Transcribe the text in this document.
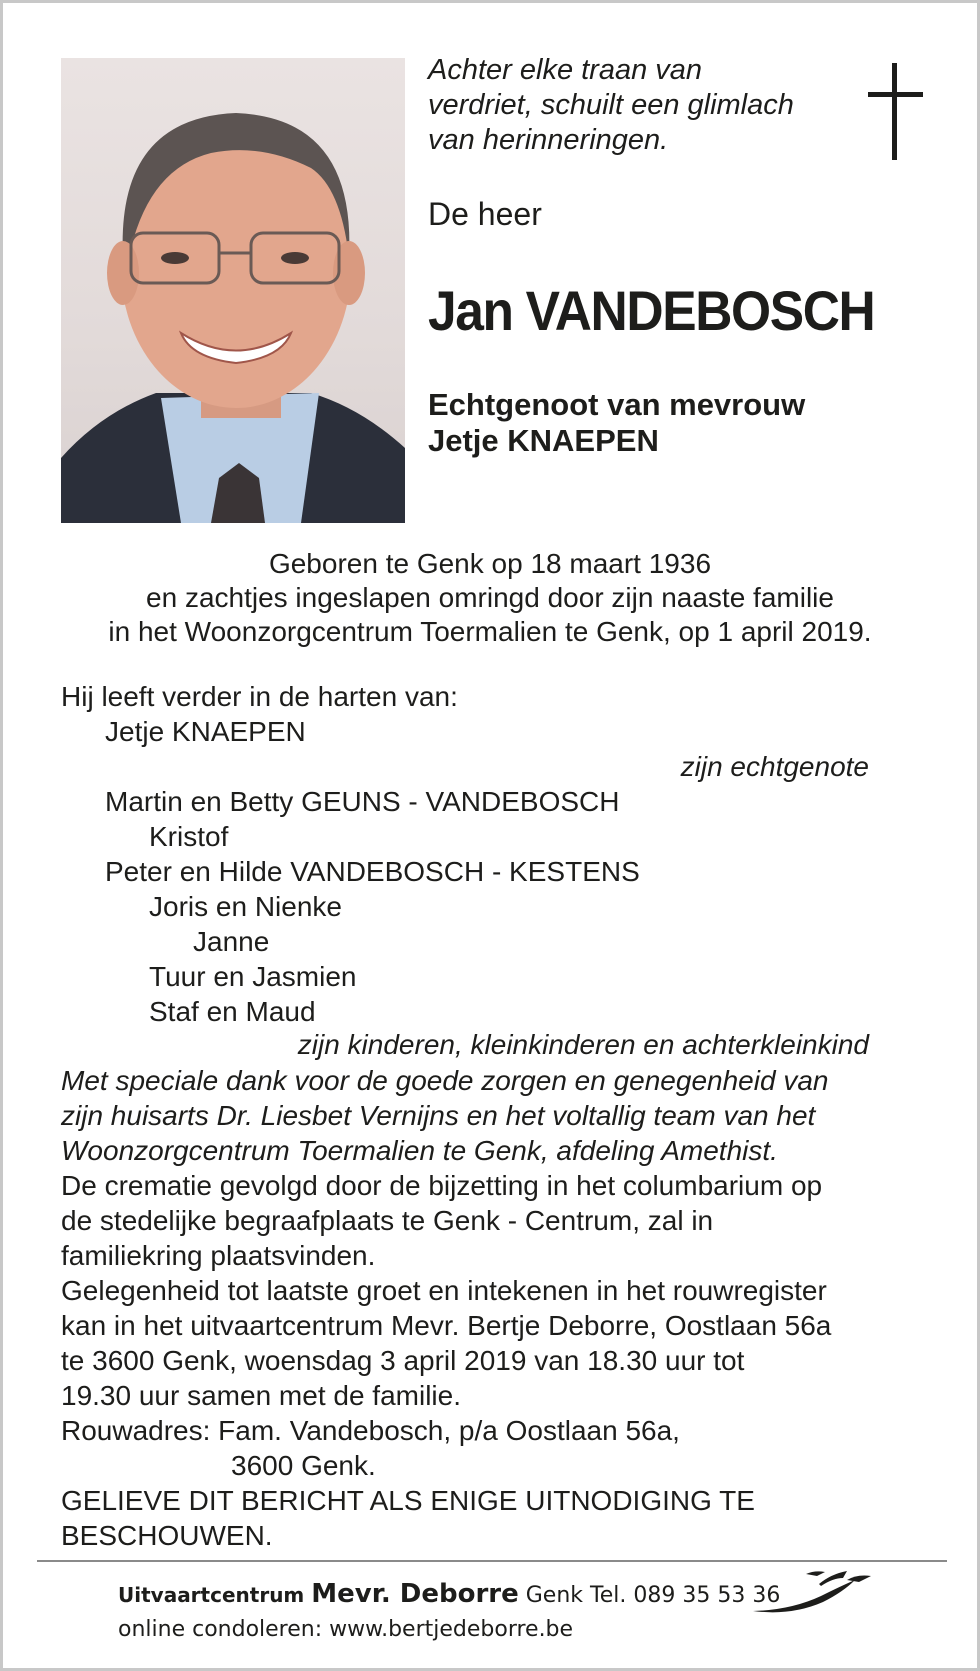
Achter elke traan van
verdriet, schuilt een glimlach
van herinneringen.
De heer
Jan VANDEBOSCH
Echtgenoot van mevrouw
Jetje KNAEPEN
Geboren te Genk op 18 maart 1936
en zachtjes ingeslapen omringd door zijn naaste familie
in het Woonzorgcentrum Toermalien te Genk, op 1 april 2019.
Hij leeft verder in de harten van:
Jetje KNAEPEN
zijn echtgenote
Martin en Betty GEUNS - VANDEBOSCH
Kristof
Peter en Hilde VANDEBOSCH - KESTENS
Joris en Nienke
Janne
Tuur en Jasmien
Staf en Maud
zijn kinderen, kleinkinderen en achterkleinkind
Met speciale dank voor de goede zorgen en genegenheid van
zijn huisarts Dr. Liesbet Vernijns en het voltallig team van het
Woonzorgcentrum Toermalien te Genk, afdeling Amethist.
De crematie gevolgd door de bijzetting in het columbarium op
de stedelijke begraafplaats te Genk - Centrum, zal in
familiekring plaatsvinden.
Gelegenheid tot laatste groet en intekenen in het rouwregister
kan in het uitvaartcentrum Mevr. Bertje Deborre, Oostlaan 56a
te 3600 Genk, woensdag 3 april 2019 van 18.30 uur tot
19.30 uur samen met de familie.
Rouwadres: Fam. Vandebosch, p/a Oostlaan 56a,
3600 Genk.
GELIEVE DIT BERICHT ALS ENIGE UITNODIGING TE
BESCHOUWEN.
Uitvaartcentrum Mevr. Deborre Genk Tel. 089 35 53 36
online condoleren: www.bertjedeborre.be
